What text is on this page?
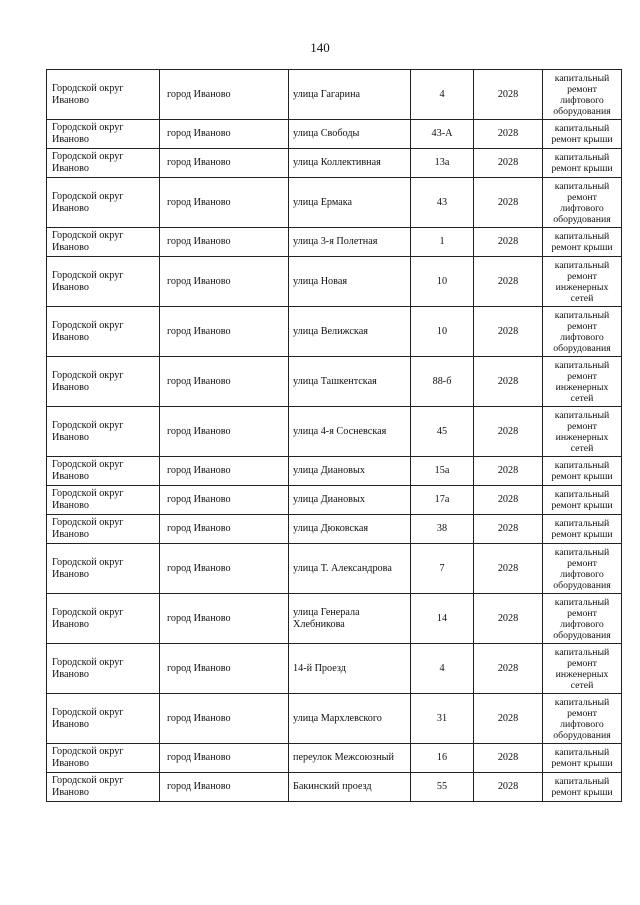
140
Городской округ Иваново	город Иваново	улица Гагарина	4	2028	капитальный ремонт лифтового оборудования
Городской округ Иваново	город Иваново	улица Свободы	43-А	2028	капитальный ремонт крыши
Городской округ Иваново	город Иваново	улица Коллективная	13а	2028	капитальный ремонт крыши
Городской округ Иваново	город Иваново	улица Ермака	43	2028	капитальный ремонт лифтового оборудования
Городской округ Иваново	город Иваново	улица 3-я Полетная	1	2028	капитальный ремонт крыши
Городской округ Иваново	город Иваново	улица Новая	10	2028	капитальный ремонт инженерных сетей
Городской округ Иваново	город Иваново	улица Велижская	10	2028	капитальный ремонт лифтового оборудования
Городской округ Иваново	город Иваново	улица Ташкентская	88-б	2028	капитальный ремонт инженерных сетей
Городской округ Иваново	город Иваново	улица 4-я Сосневская	45	2028	капитальный ремонт инженерных сетей
Городской округ Иваново	город Иваново	улица Диановых	15а	2028	капитальный ремонт крыши
Городской округ Иваново	город Иваново	улица Диановых	17а	2028	капитальный ремонт крыши
Городской округ Иваново	город Иваново	улица Дюковская	38	2028	капитальный ремонт крыши
Городской округ Иваново	город Иваново	улица Т. Александрова	7	2028	капитальный ремонт лифтового оборудования
Городской округ Иваново	город Иваново	улица Генерала Хлебникова	14	2028	капитальный ремонт лифтового оборудования
Городской округ Иваново	город Иваново	14-й Проезд	4	2028	капитальный ремонт инженерных сетей
Городской округ Иваново	город Иваново	улица Мархлевского	31	2028	капитальный ремонт лифтового оборудования
Городской округ Иваново	город Иваново	переулок Межсоюзный	16	2028	капитальный ремонт крыши
Городской округ Иваново	город Иваново	Бакинский проезд	55	2028	капитальный ремонт крыши
